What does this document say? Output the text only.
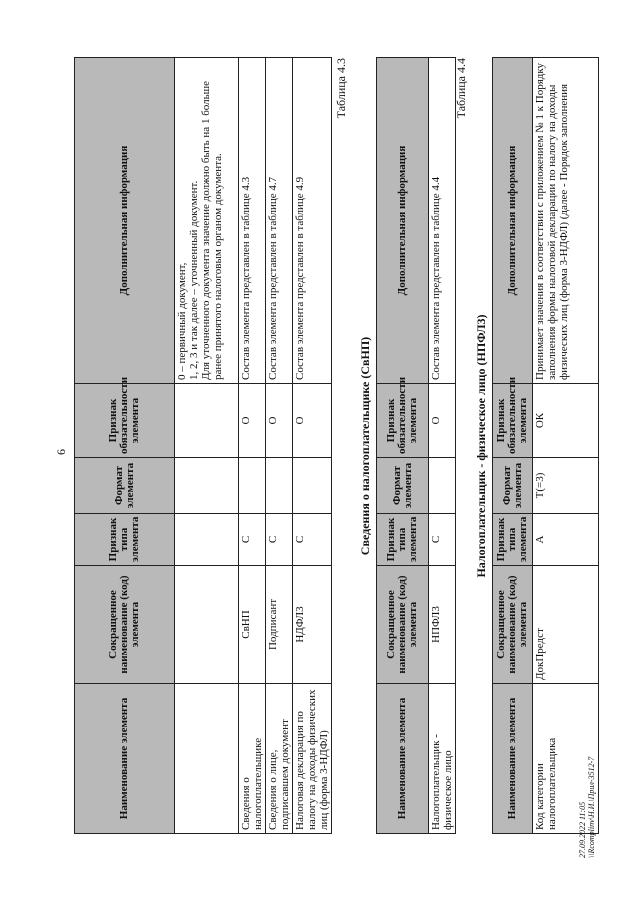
6
Наименование элемента	Сокращенное наименование (код) элемента	Признак типа элемента	Формат элемента	Признак обязательности элемента	Дополнительная информация
					0 – первичный документ,
1, 2, 3 и так далее – уточненный документ.
Для уточненного документа значение должно быть на 1 больше ранее принятого налоговым органом документа.
Сведения о налогоплательщике	СвНП	С		О	Состав элемента представлен в таблице 4.3
Сведения о лице, подписавшем документ	Подписант	С		О	Состав элемента представлен в таблице 4.7
Налоговая декларация по налогу на доходы физических лиц (форма 3-НДФЛ)	НДФЛ3	С		О	Состав элемента представлен в таблице 4.9
Таблица 4.3
Сведения о налогоплательщике (СвНП)
Наименование элемента	Сокращенное наименование (код) элемента	Признак типа элемента	Формат элемента	Признак обязательности элемента	Дополнительная информация
Налогоплательщик - физическое лицо	НПФЛ3	С		О	Состав элемента представлен в таблице 4.4
Таблица 4.4
Налогоплательщик - физическое лицо (НПФЛ3)
Наименование элемента	Сокращенное наименование (код) элемента	Признак типа элемента	Формат элемента	Признак обязательности элемента	Дополнительная информация
Код категории налогоплательщика	ДокПредст	А	T(=3)	ОК	Принимает значения в соответствии с приложением № 1 к Порядку заполнения формы налоговой декларации по налогу на доходы физических лиц (форма 3-НДФЛ) (далее - Порядок заполнения
27.09.2022 11:05 \\Rcomplinv\Н.И.\Прил-3512-7
